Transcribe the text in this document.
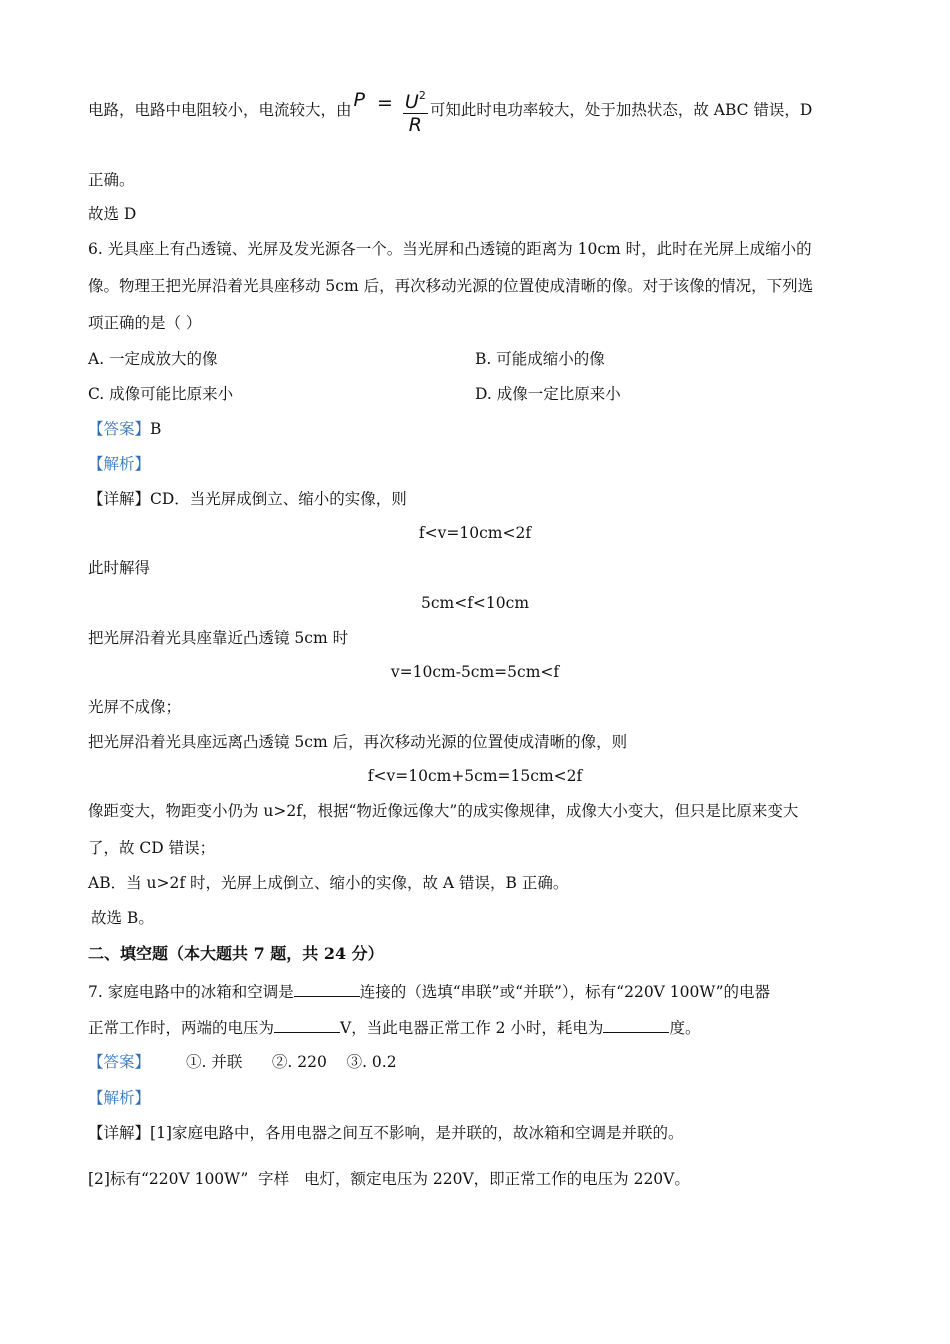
电路，电路中电阻较小，电流较大，由 $P = \frac{U^2}{R}$ 可知此时电功率较大，处于加热状态，故 ABC 错误，D
正确。
故选 D
6. 光具座上有凸透镜、光屏及发光源各一个。当光屏和凸透镜的距离为 10cm 时，此时在光屏上成缩小的
像。物理王把光屏沿着光具座移动 5cm 后，再次移动光源的位置使成清晰的像。对于该像的情况，下列选
项正确的是（ ）
A. 一定成放大的像	B. 可能成缩小的像
C. 成像可能比原来小	D. 成像一定比原来小
【答案】B
【解析】
【详解】CD．当光屏成倒立、缩小的实像，则
f<v=10cm<2f
此时解得
5cm<f<10cm
把光屏沿着光具座靠近凸透镜 5cm 时
v=10cm-5cm=5cm<f
光屏不成像；
把光屏沿着光具座远离凸透镜 5cm 后，再次移动光源的位置使成清晰的像，则
f<v=10cm+5cm=15cm<2f
像距变大，物距变小仍为 u>2f，根据“物近像远像大”的成实像规律，成像大小变大，但只是比原来变大
了，故 CD 错误；
AB．当 u>2f 时，光屏上成倒立、缩小的实像，故 A 错误，B 正确。
故选 B。
二、填空题（本大题共 7 题，共 24 分）
7. 家庭电路中的冰箱和空调是	连接的（选填“串联”或“并联”），标有“220V 100W”的电器
正常工作时，两端的电压为	V，当此电器正常工作 2 小时，耗电为	度。
【答案】 ①. 并联      ②. 220    ③. 0.2
【解析】
【详解】[1]家庭电路中，各用电器之间互不影响，是并联的，故冰箱和空调是并联的。
[2]标有“220V 100W”  字样   电灯，额定电压为 220V，即正常工作的电压为 220V。
